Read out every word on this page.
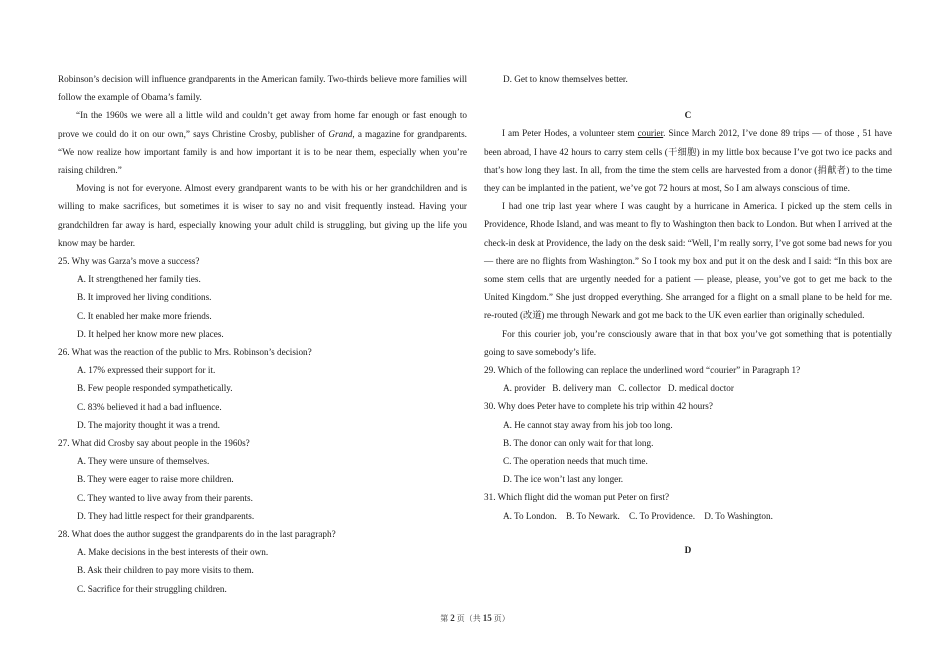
Robinson’s decision will influence grandparents in the American family. Two-thirds believe more families will follow the example of Obama’s family.

“In the 1960s we were all a little wild and couldn’t get away from home far enough or fast enough to prove we could do it on our own,” says Christine Crosby, publisher of Grand, a magazine for grandparents. “We now realize how important family is and how important it is to be near them, especially when you’re raising children.”

Moving is not for everyone. Almost every grandparent wants to be with his or her grandchildren and is willing to make sacrifices, but sometimes it is wiser to say no and visit frequently instead. Having your grandchildren far away is hard, especially knowing your adult child is struggling, but giving up the life you know may be harder.

25. Why was Garza’s move a success?

A. It strengthened her family ties.

B. It improved her living conditions.

C. It enabled her make more friends.

D. It helped her know more new places.

26. What was the reaction of the public to Mrs. Robinson’s decision?

A. 17% expressed their support for it.

B. Few people responded sympathetically.

C. 83% believed it had a bad influence.

D. The majority thought it was a trend.

27. What did Crosby say about people in the 1960s?

A. They were unsure of themselves.

B. They were eager to raise more children.

C. They wanted to live away from their parents.

D. They had little respect for their grandparents.

28. What does the author suggest the grandparents do in the last paragraph?

A. Make decisions in the best interests of their own.

B. Ask their children to pay more visits to them.

C. Sacrifice for their struggling children.

D. Get to know themselves better.

C

I am Peter Hodes, a volunteer stem courier. Since March 2012, I’ve done 89 trips — of those , 51 have been abroad, I have 42 hours to carry stem cells (干细胞) in my little box because I’ve got two ice packs and that’s how long they last. In all, from the time the stem cells are harvested from a donor (捐献者) to the time they can be implanted in the patient, we’ve got 72 hours at most, So I am always conscious of time.

I had one trip last year where I was caught by a hurricane in America. I picked up the stem cells in Providence, Rhode Island, and was meant to fly to Washington then back to London. But when I arrived at the check-in desk at Providence, the lady on the desk said: “Well, I’m really sorry, I’ve got some bad news for you — there are no flights from Washington.” So I took my box and put it on the desk and I said: “In this box are some stem cells that are urgently needed for a patient — please, please, you’ve got to get me back to the United Kingdom.” She just dropped everything. She arranged for a flight on a small plane to be held for me. re-routed (改道) me through Newark and got me back to the UK even earlier than originally scheduled.

For this courier job, you’re consciously aware that in that box you’ve got something that is potentially going to save somebody’s life.

29. Which of the following can replace the underlined word “courier” in Paragraph 1?

A. provider   B. delivery man   C. collector   D. medical doctor

30. Why does Peter have to complete his trip within 42 hours?

A. He cannot stay away from his job too long.

B. The donor can only wait for that long.

C. The operation needs that much time.

D. The ice won’t last any longer.

31. Which flight did the woman put Peter on first?

A. To London.    B. To Newark.    C. To Providence.    D. To Washington.

D

第 2 页（共 15 页）
